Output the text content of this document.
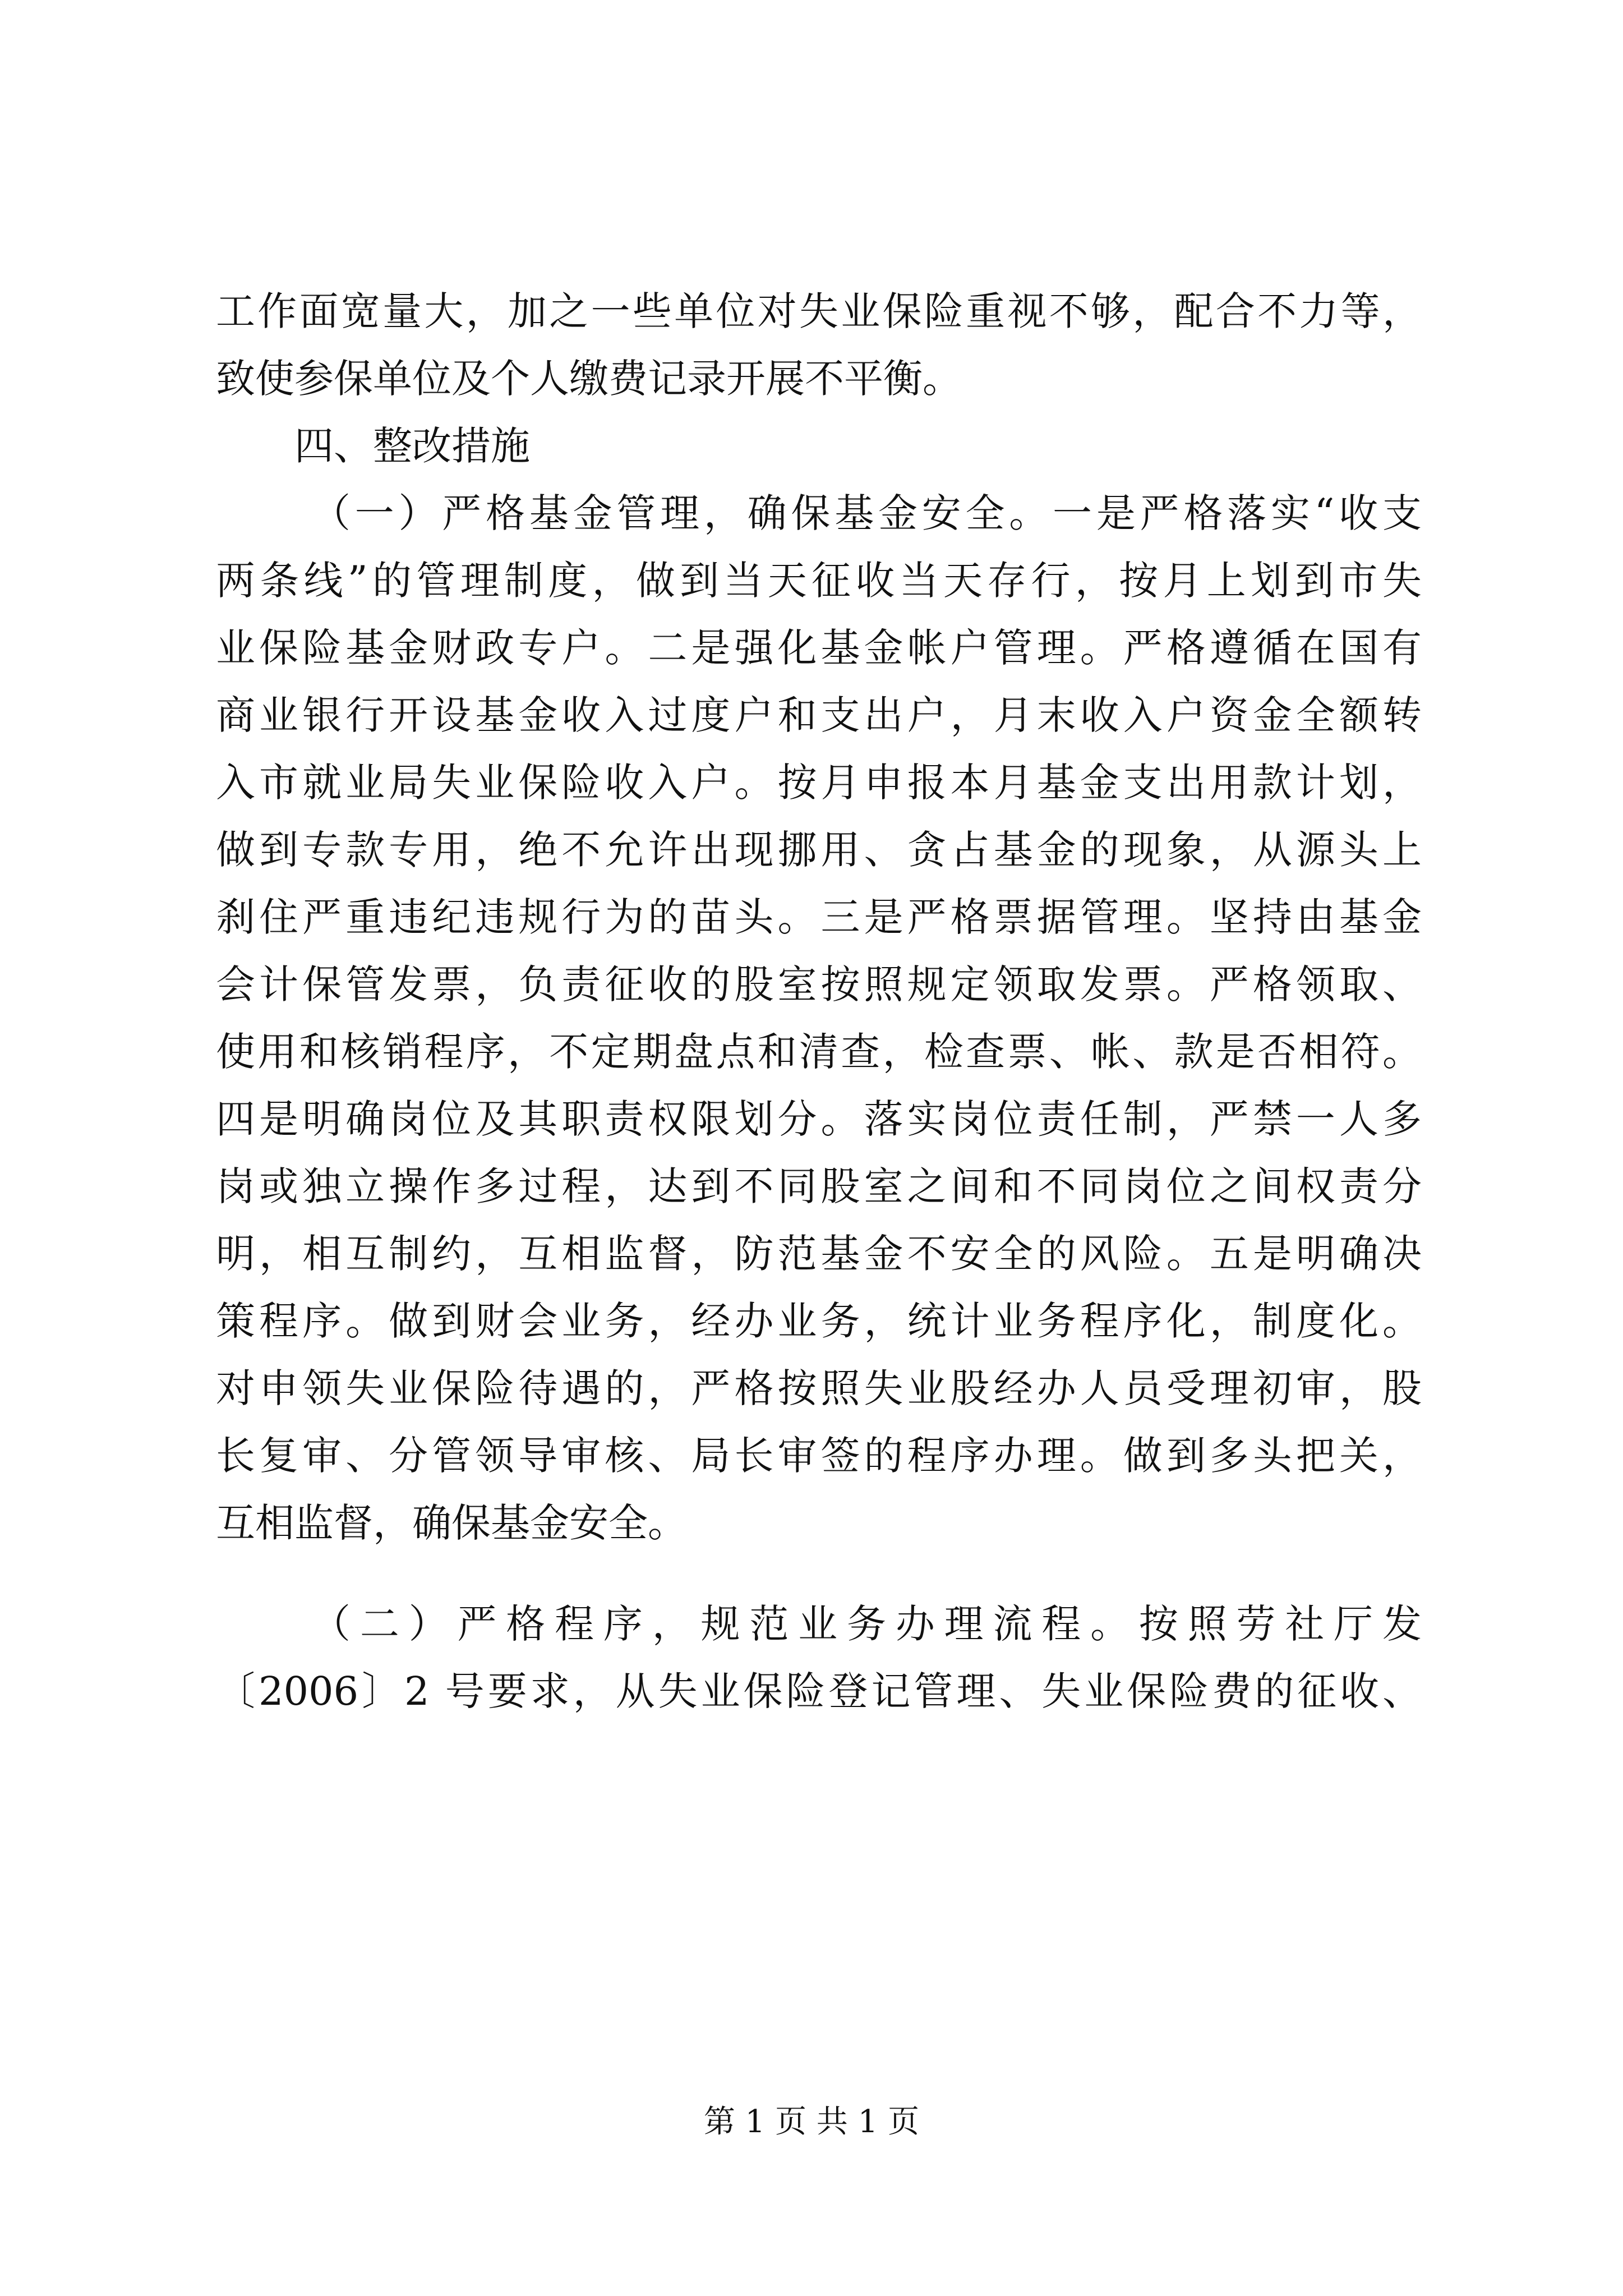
工作面宽量大，加之一些单位对失业保险重视不够，配合不力等，
致使参保单位及个人缴费记录开展不平衡。
四、整改措施
（一）严格基金管理，确保基金安全。一是严格落实“收支
两条线”的管理制度，做到当天征收当天存行，按月上划到市失
业保险基金财政专户。二是强化基金帐户管理。严格遵循在国有
商业银行开设基金收入过度户和支出户，月末收入户资金全额转
入市就业局失业保险收入户。按月申报本月基金支出用款计划，
做到专款专用，绝不允许出现挪用、贪占基金的现象，从源头上
刹住严重违纪违规行为的苗头。三是严格票据管理。坚持由基金
会计保管发票，负责征收的股室按照规定领取发票。严格领取、
使用和核销程序，不定期盘点和清查，检查票、帐、款是否相符。
四是明确岗位及其职责权限划分。落实岗位责任制，严禁一人多
岗或独立操作多过程，达到不同股室之间和不同岗位之间权责分
明，相互制约，互相监督，防范基金不安全的风险。五是明确决
策程序。做到财会业务，经办业务，统计业务程序化，制度化。
对申领失业保险待遇的，严格按照失业股经办人员受理初审，股
长复审、分管领导审核、局长审签的程序办理。做到多头把关，
互相监督，确保基金安全。
（二）严格程序，规范业务办理流程。按照劳社厅发
〔2006〕2 号要求，从失业保险登记管理、失业保险费的征收、
第 1 页 共 1 页
